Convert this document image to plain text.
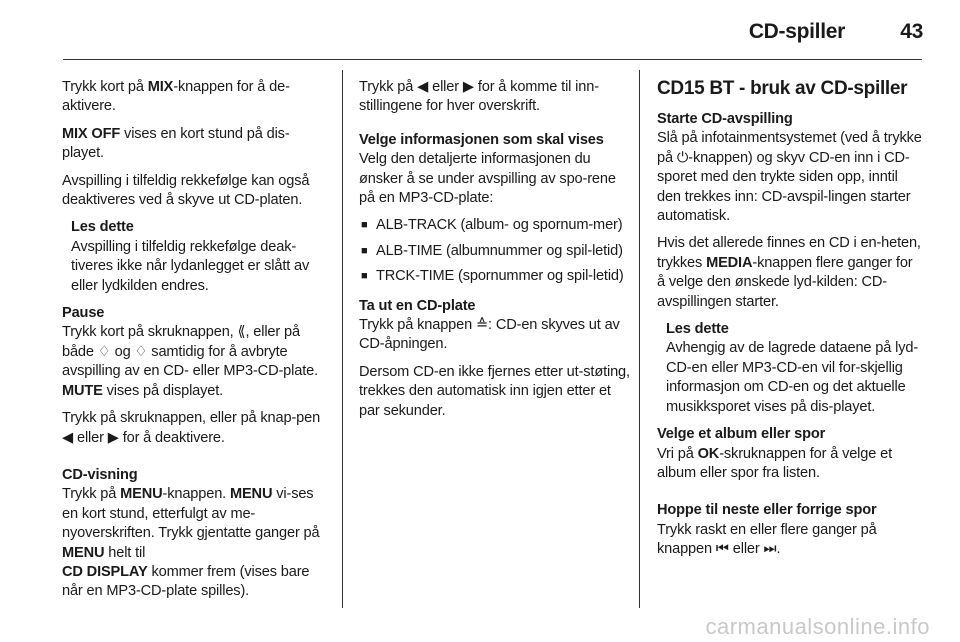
CD-spiller	43

Trykk kort på MIX-knappen for å de-aktivere.

MIX OFF vises en kort stund på dis-playet.

Avspilling i tilfeldig rekkefølge kan også deaktiveres ved å skyve ut CD-platen.

Les dette
Avspilling i tilfeldig rekkefølge deak-tiveres ikke når lydanlegget er slått av eller lydkilden endres.
Pause

Trykk kort på skruknappen, ⟪, eller på både ♢ og ♢ samtidig for å avbryte avspilling av en CD- eller MP3-CD-plate. MUTE vises på displayet.

Trykk på skruknappen, eller på knap-pen ◀ eller ▶ for å deaktivere.

CD-visning

Trykk på MENU-knappen. MENU vi-ses en kort stund, etterfulgt av me-nyoverskriften. Trykk gjentatte ganger på MENU helt til
CD DISPLAY kommer frem (vises bare når en MP3-CD-plate spilles).

Trykk på ◀ eller ▶ for å komme til inn-stillingene for hver overskrift.

Velge informasjonen som skal vises

Velg den detaljerte informasjonen du ønsker å se under avspilling av spo-rene på en MP3-CD-plate:

■ ALB-TRACK (album- og spornum-mer)
■ ALB-TIME (albumnummer og spil-letid)
■ TRCK-TIME (spornummer og spil-letid)
Ta ut en CD-plate

Trykk på knappen ≙: CD-en skyves ut av CD-åpningen.

Dersom CD-en ikke fjernes etter ut-støting, trekkes den automatisk inn igjen etter et par sekunder.

CD15 BT - bruk av CD-spiller
Starte CD-avspilling

Slå på infotainmentsystemet (ved å trykke på ⏻-knappen) og skyv CD-en inn i CD-sporet med den trykte siden opp, inntil den trekkes inn: CD-avspil-lingen starter automatisk.

Hvis det allerede finnes en CD i en-heten, trykkes MEDIA-knappen flere ganger for å velge den ønskede lyd-kilden: CD-avspillingen starter.

Les dette
Avhengig av de lagrede dataene på lyd-CD-en eller MP3-CD-en vil for-skjellig informasjon om CD-en og det aktuelle musikksporet vises på dis-playet.
Velge et album eller spor

Vri på OK-skruknappen for å velge et album eller spor fra listen.

Hoppe til neste eller forrige spor

Trykk raskt en eller flere ganger på knappen ⏮ eller ⏭.

carmanualsonline.info
